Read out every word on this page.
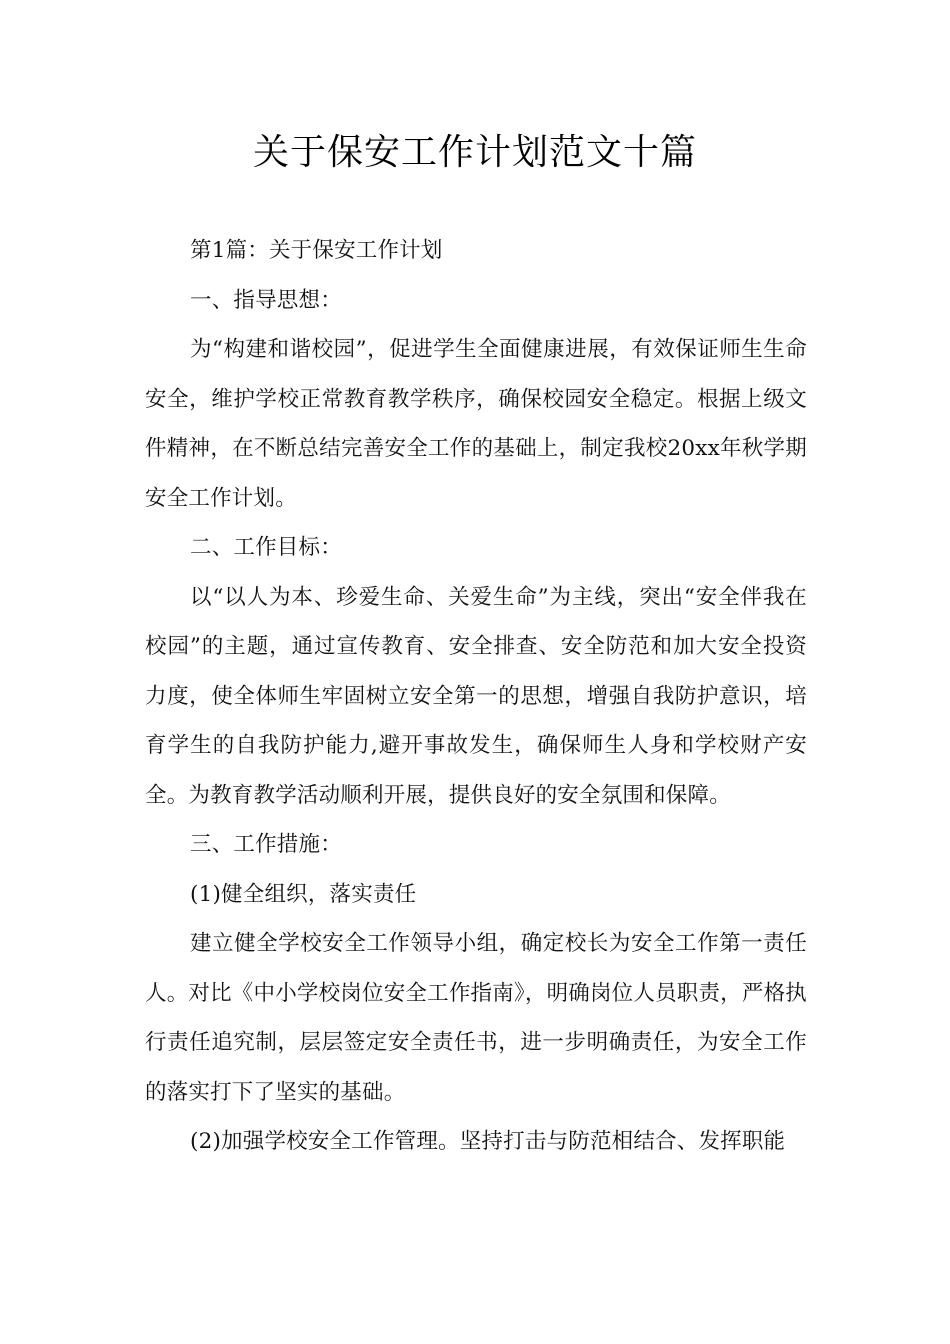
关于保安工作计划范文十篇

第1篇：关于保安工作计划

一、指导思想：

为“构建和谐校园”，促进学生全面健康进展，有效保证师生生命安全，维护学校正常教育教学秩序，确保校园安全稳定。根据上级文件精神，在不断总结完善安全工作的基础上，制定我校20xx年秋学期安全工作计划。

二、工作目标：

以“以人为本、珍爱生命、关爱生命”为主线，突出“安全伴我在校园”的主题，通过宣传教育、安全排查、安全防范和加大安全投资力度，使全体师生牢固树立安全第一的思想，增强自我防护意识，培育学生的自我防护能力,避开事故发生，确保师生人身和学校财产安全。为教育教学活动顺利开展，提供良好的安全氛围和保障。

三、工作措施：

(1)健全组织，落实责任

建立健全学校安全工作领导小组，确定校长为安全工作第一责任人。对比《中小学校岗位安全工作指南》，明确岗位人员职责，严格执行责任追究制，层层签定安全责任书，进一步明确责任，为安全工作的落实打下了坚实的基础。

(2)加强学校安全工作管理。坚持打击与防范相结合、发挥职能
